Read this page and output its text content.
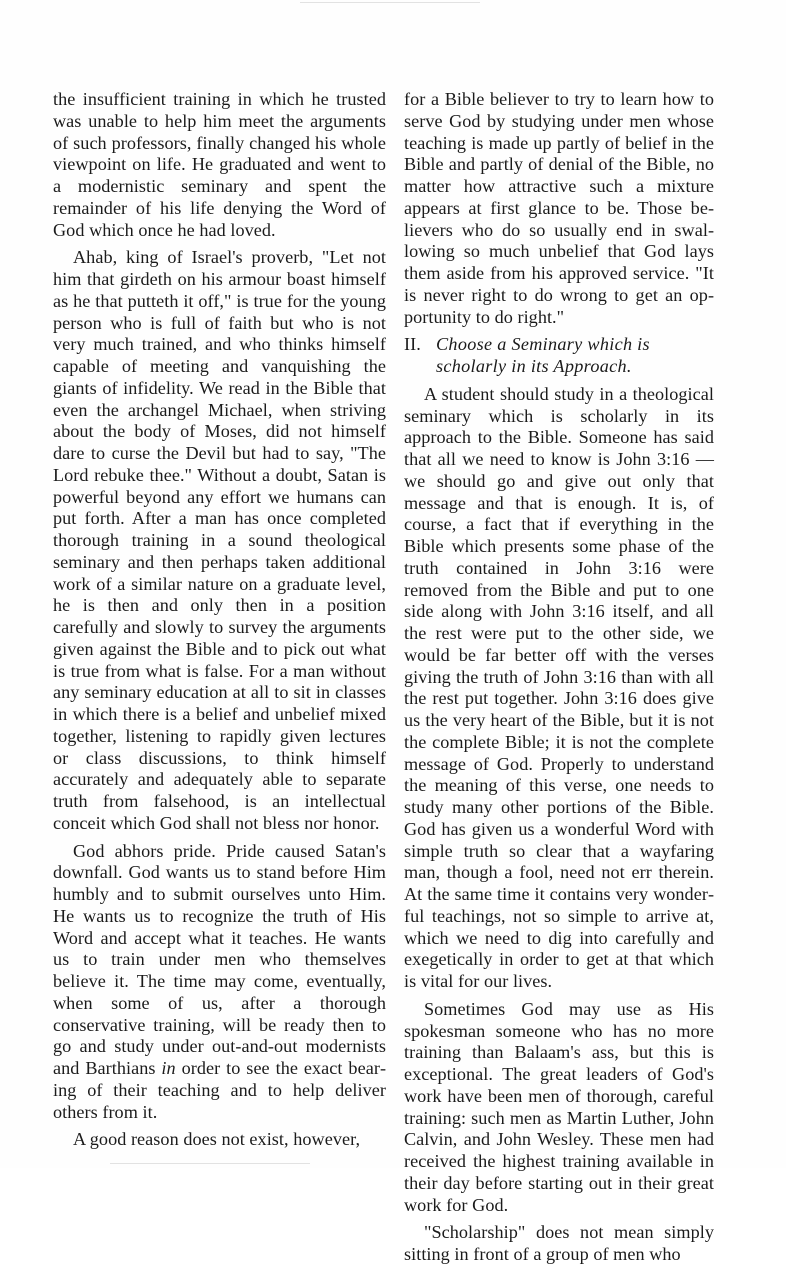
the insufficient training in which he trusted was unable to help him meet the arguments of such professors, finally changed his whole viewpoint on life. He graduated and went to a modernistic seminary and spent the remainder of his life denying the Word of God which once he had loved.

Ahab, king of Israel's proverb, "Let not him that girdeth on his armour boast himself as he that putteth it off," is true for the young person who is full of faith but who is not very much trained, and who thinks himself capable of meeting and vanquishing the giants of infidelity. We read in the Bible that even the archangel Michael, when striving about the body of Moses, did not himself dare to curse the Devil but had to say, "The Lord rebuke thee." Without a doubt, Satan is powerful beyond any effort we humans can put forth. After a man has once completed thorough training in a sound theological seminary and then perhaps taken additional work of a similar nature on a graduate level, he is then and only then in a position carefully and slowly to survey the arguments given against the Bible and to pick out what is true from what is false. For a man without any seminary education at all to sit in classes in which there is a belief and unbelief mixed together, listening to rapidly given lectures or class discussions, to think himself accurately and adequately able to separate truth from falsehood, is an intellectual conceit which God shall not bless nor honor.

God abhors pride. Pride caused Satan's downfall. God wants us to stand before Him humbly and to submit ourselves unto Him. He wants us to recognize the truth of His Word and accept what it teaches. He wants us to train under men who themselves believe it. The time may come, eventually, when some of us, after a thorough conservative training, will be ready then to go and study under out-and-out modernists and Barthians in order to see the exact bearing of their teaching and to help deliver others from it.

A good reason does not exist, however,

for a Bible believer to try to learn how to serve God by studying under men whose teaching is made up partly of belief in the Bible and partly of denial of the Bible, no matter how attractive such a mixture appears at first glance to be. Those believers who do so usually end in swallowing so much unbelief that God lays them aside from his approved service. "It is never right to do wrong to get an opportunity to do right."

II. Choose a Seminary which is scholarly in its Approach.

A student should study in a theological seminary which is scholarly in its approach to the Bible. Someone has said that all we need to know is John 3:16 — we should go and give out only that message and that is enough. It is, of course, a fact that if everything in the Bible which presents some phase of the truth contained in John 3:16 were removed from the Bible and put to one side along with John 3:16 itself, and all the rest were put to the other side, we would be far better off with the verses giving the truth of John 3:16 than with all the rest put together. John 3:16 does give us the very heart of the Bible, but it is not the complete Bible; it is not the complete message of God. Properly to understand the meaning of this verse, one needs to study many other portions of the Bible. God has given us a wonderful Word with simple truth so clear that a wayfaring man, though a fool, need not err therein. At the same time it contains very wonderful teachings, not so simple to arrive at, which we need to dig into carefully and exegetically in order to get at that which is vital for our lives.

Sometimes God may use as His spokesman someone who has no more training than Balaam's ass, but this is exceptional. The great leaders of God's work have been men of thorough, careful training: such men as Martin Luther, John Calvin, and John Wesley. These men had received the highest training available in their day before starting out in their great work for God.

"Scholarship" does not mean simply sitting in front of a group of men who
